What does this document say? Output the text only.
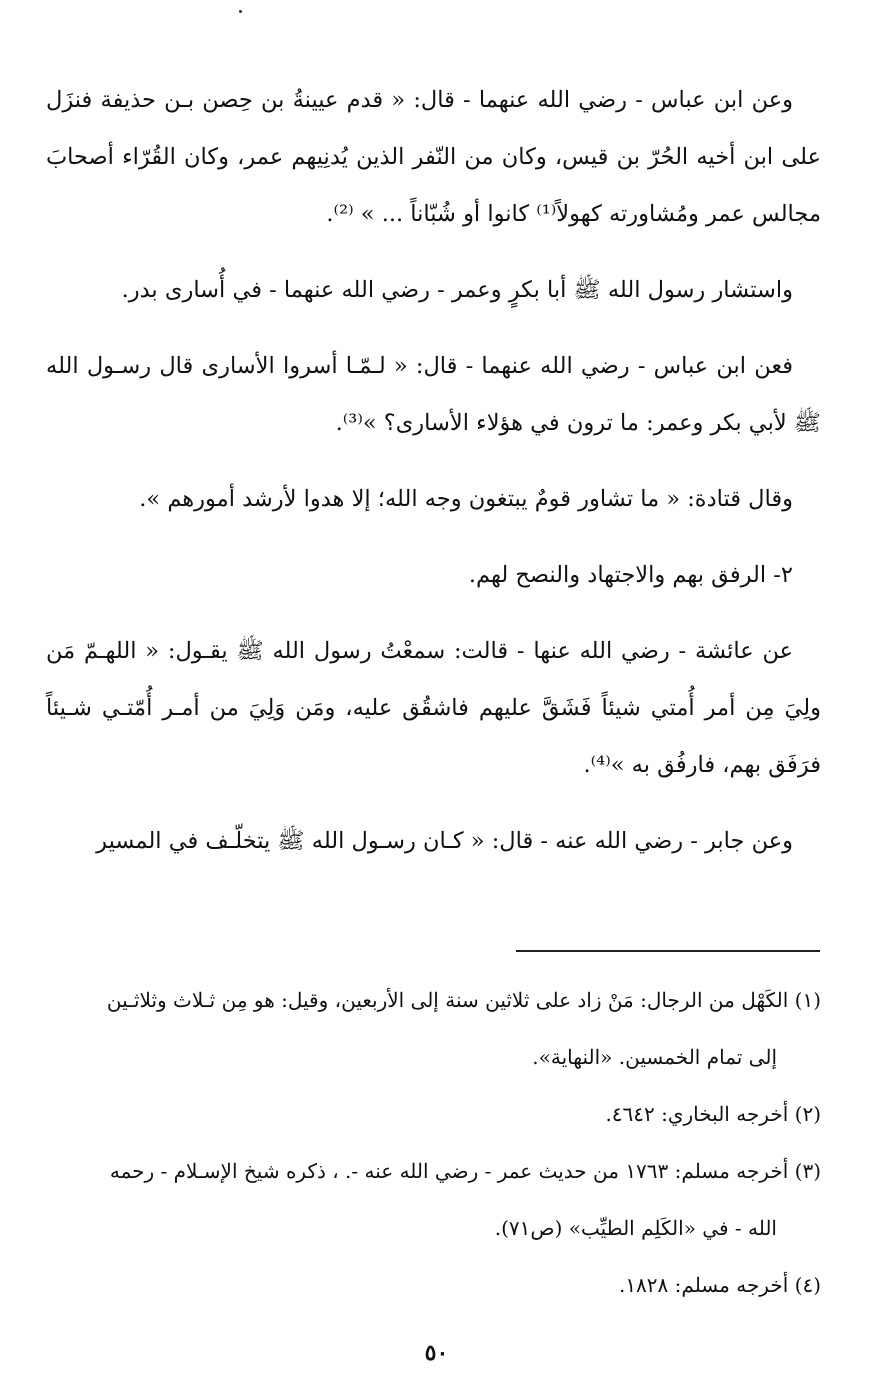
وعن ابن عباس - رضي الله عنهما - قال: « قدم عيينةُ بن حِصن بـن حذيفة فنزَل على ابن أخيه الحُرّ بن قيس، وكان من النّفر الذين يُدنِيهم عمر، وكان القُرّاء أصحابَ مجالس عمر ومُشاورته كهولاً⁽¹⁾ كانوا أو شُبّاناً ... » ⁽²⁾.

واستشار رسول الله ﷺ أبا بكرٍ وعمر - رضي الله عنهما - في أُسارى بدر.

فعن ابن عباس - رضي الله عنهما - قال: « لـمّـا أسروا الأسارى قال رسـول الله ﷺ لأبي بكر وعمر: ما ترون في هؤلاء الأسارى؟ »⁽³⁾.

وقال قتادة: « ما تشاور قومٌ يبتغون وجه الله؛ إلا هدوا لأرشد أمورهم ».

٢- الرفق بهم والاجتهاد والنصح لهم.

عن عائشة - رضي الله عنها - قالت: سمعْتُ رسول الله ﷺ يقـول: « اللهـمّ مَن ولِيَ مِن أمر أُمتي شيئاً فَشَقَّ عليهم فاشقُق عليه، ومَن وَلِيَ من أمـر أُمّتـي شـيئاً فرَفَق بهم، فارفُق به »⁽⁴⁾.

وعن جابر - رضي الله عنه - قال: « كـان رسـول الله ﷺ يتخلّـف في المسير

(١) الكَهْل من الرجال: مَنْ زاد على ثلاثين سنة إلى الأربعين، وقيل: هو مِن ثـلاث وثلاثـين

إلى تمام الخمسين. «النهاية».

(٢) أخرجه البخاري: ٤٦٤٢.

(٣) أخرجه مسلم: ١٧٦٣ من حديث عمر - رضي الله عنه -. ، ذكره شيخ الإسـلام - رحمه

الله - في «الكَلِم الطيِّب» (ص٧١).

(٤) أخرجه مسلم: ١٨٢٨.

٥٠
